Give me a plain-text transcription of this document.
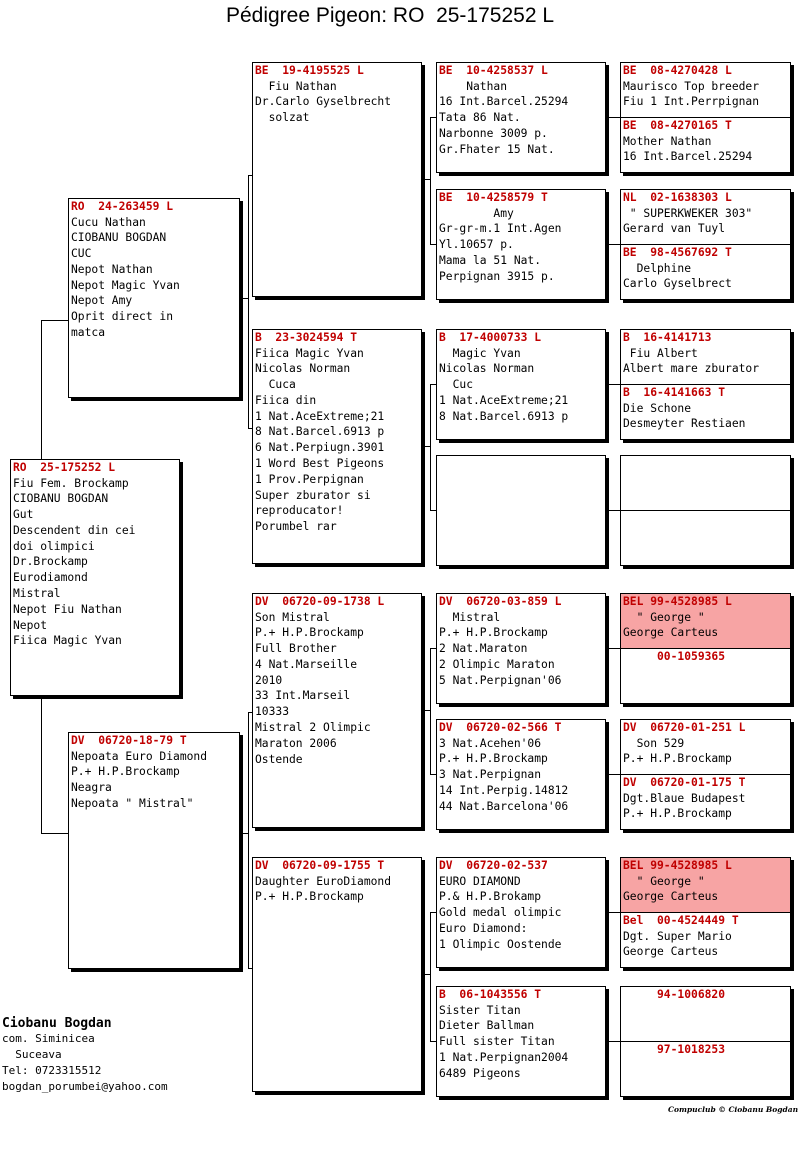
Pédigree Pigeon: RO  25-175252 L
RO  25-175252 L
Fiu Fem. Brockamp
CIOBANU BOGDAN
Gut
Descendent din cei
doi olimpici
Dr.Brockamp
Eurodiamond
Mistral
Nepot Fiu Nathan
Nepot
Fiica Magic Yvan
RO  24-263459 L
Cucu Nathan
CIOBANU BOGDAN
CUC
Nepot Nathan
Nepot Magic Yvan
Nepot Amy
Oprit direct in
matca
DV  06720-18-79 T
Nepoata Euro Diamond
P.+ H.P.Brockamp
Neagra
Nepoata " Mistral"
BE  19-4195525 L
Fiu Nathan
Dr.Carlo Gyselbrecht
solzat
B  23-3024594 T
Fiica Magic Yvan
Nicolas Norman
Cuca
Fiica din
1 Nat.AceExtreme;21
8 Nat.Barcel.6913 p
6 Nat.Perpiugn.3901
1 Word Best Pigeons
1 Prov.Perpignan
Super zburator si
reproducator!
Porumbel rar
DV  06720-09-1738 L
Son Mistral
P.+ H.P.Brockamp
Full Brother
4 Nat.Marseille
2010
33 Int.Marseil
10333
Mistral 2 Olimpic
Maraton 2006
Ostende
DV  06720-09-1755 T
Daughter EuroDiamond
P.+ H.P.Brockamp
BE  10-4258537 L
Nathan
16 Int.Barcel.25294
Tata 86 Nat.
Narbonne 3009 p.
Gr.Fhater 15 Nat.
BE  10-4258579 T
Amy
Gr-gr-m.1 Int.Agen
Yl.10657 p.
Mama la 51 Nat.
Perpignan 3915 p.
B  17-4000733 L
Magic Yvan
Nicolas Norman
Cuc
1 Nat.AceExtreme;21
8 Nat.Barcel.6913 p
DV  06720-03-859 L
Mistral
P.+ H.P.Brockamp
2 Nat.Maraton
2 Olimpic Maraton
5 Nat.Perpignan'06
DV  06720-02-566 T
3 Nat.Acehen'06
P.+ H.P.Brockamp
3 Nat.Perpignan
14 Int.Perpig.14812
44 Nat.Barcelona'06
DV  06720-02-537
EURO DIAMOND
P.& H.P.Brokamp
Gold medal olimpic
Euro Diamond:
1 Olimpic Oostende
B  06-1043556 T
Sister Titan
Dieter Ballman
Full sister Titan
1 Nat.Perpignan2004
6489 Pigeons
BE  08-4270428 L
Maurisco Top breeder
Fiu 1 Int.Perrpignan
BE  08-4270165 T
Mother Nathan
16 Int.Barcel.25294
NL  02-1638303 L
" SUPERKWEKER 303"
Gerard van Tuyl
BE  98-4567692 T
Delphine
Carlo Gyselbrect
B  16-4141713
Fiu Albert
Albert mare zburator
B  16-4141663 T
Die Schone
Desmeyter Restiaen
BEL 99-4528985 L
" George "
George Carteus
00-1059365
DV  06720-01-251 L
Son 529
P.+ H.P.Brockamp
DV  06720-01-175 T
Dgt.Blaue Budapest
P.+ H.P.Brockamp
BEL 99-4528985 L
" George "
George Carteus
Bel  00-4524449 T
Dgt. Super Mario
George Carteus
94-1006820
97-1018253
Ciobanu Bogdan
com. Siminicea
Suceava
Tel: 0723315512
bogdan_porumbei@yahoo.com
Compuclub © Ciobanu Bogdan
